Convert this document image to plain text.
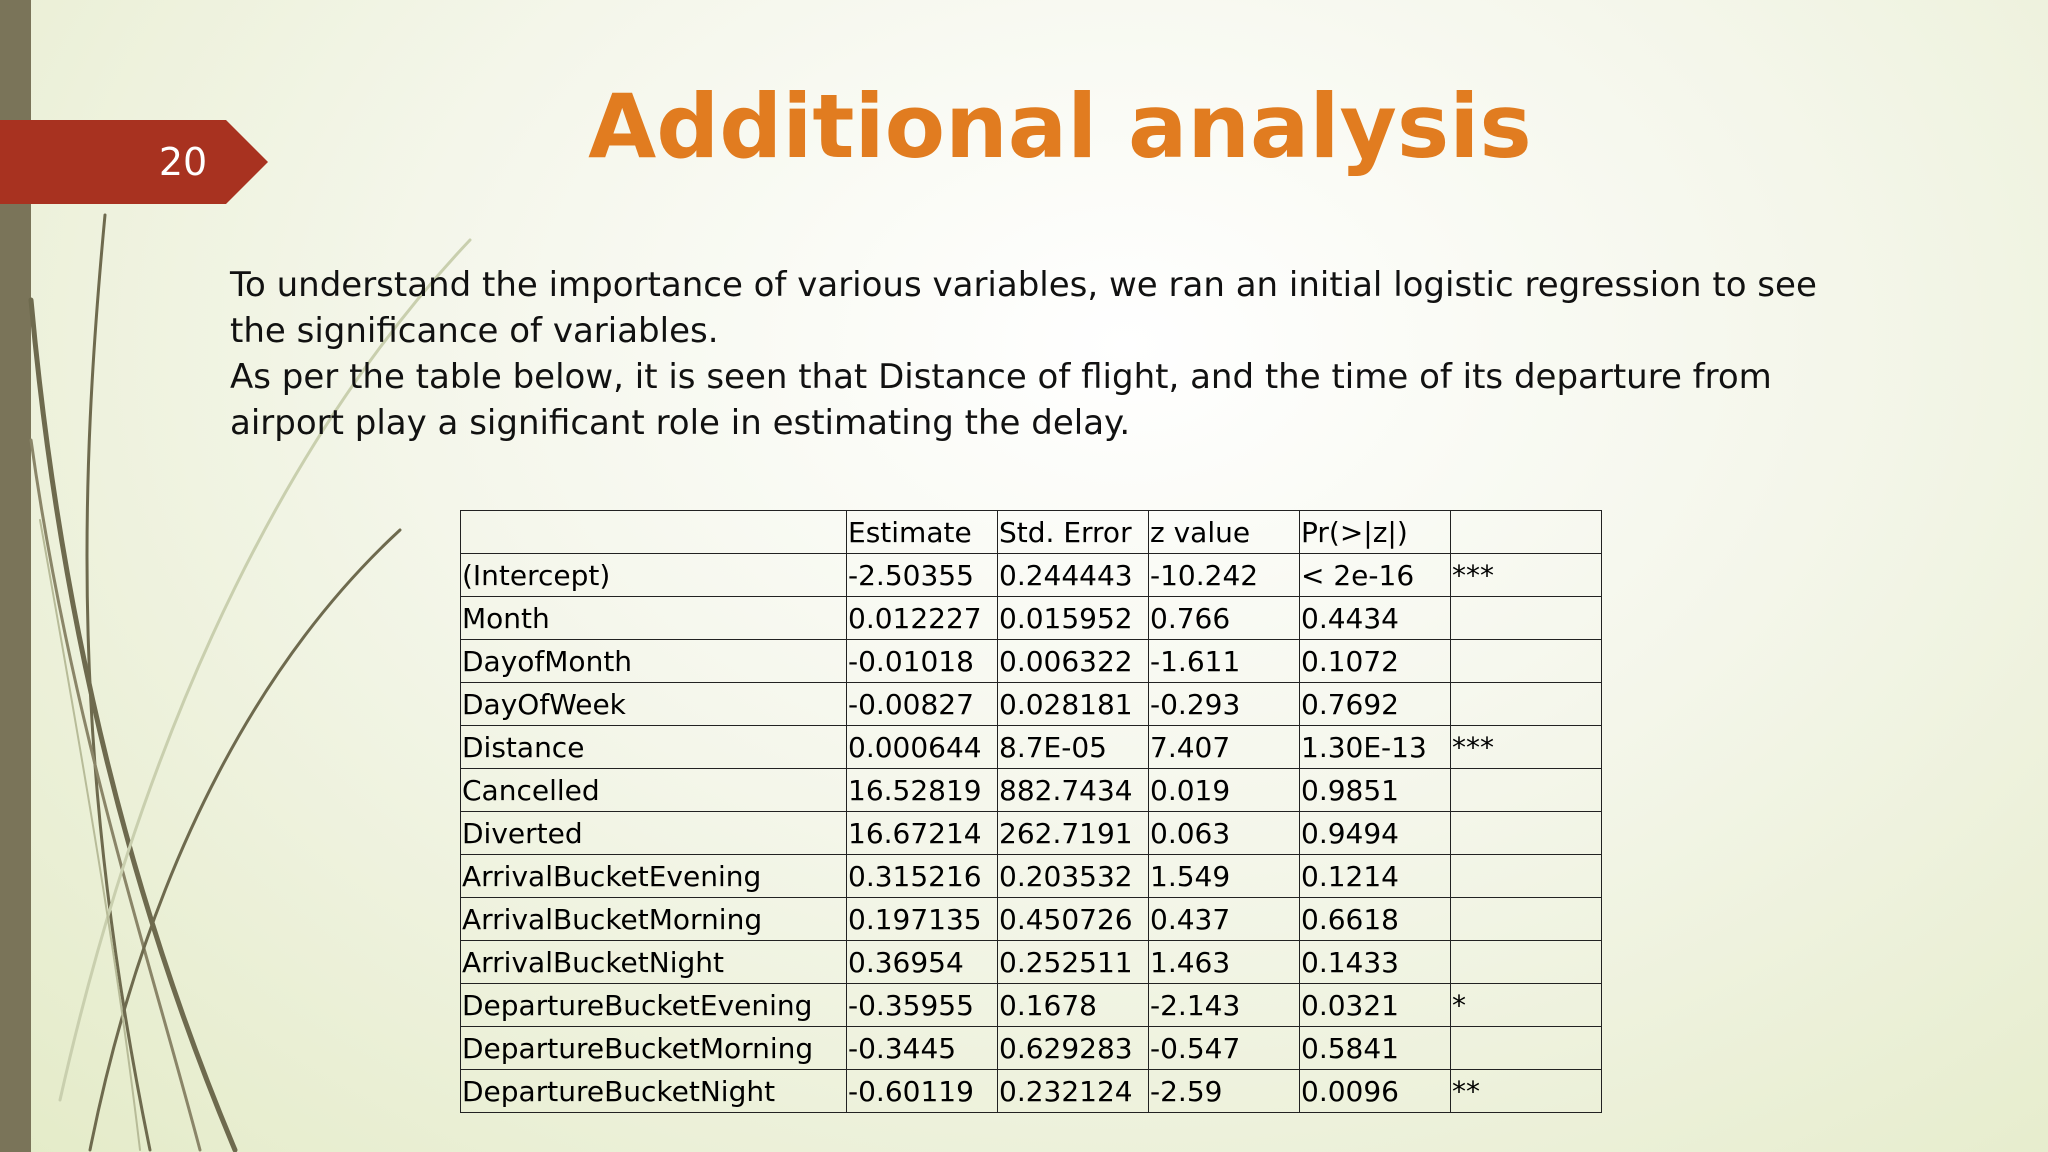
20	Additional analysis

To understand the importance of various variables, we ran an initial logistic regression to see the significance of variables.

As per the table below, it is seen that Distance of flight, and the time of its departure from airport play a significant role in estimating the delay.

	Estimate	Std. Error	z value	Pr(>|z|)	
(Intercept)	-2.50355	0.244443	-10.242	< 2e-16	***
Month	0.012227	0.015952	0.766	0.4434	
DayofMonth	-0.01018	0.006322	-1.611	0.1072	
DayOfWeek	-0.00827	0.028181	-0.293	0.7692	
Distance	0.000644	8.7E-05	7.407	1.30E-13	***
Cancelled	16.52819	882.7434	0.019	0.9851	
Diverted	16.67214	262.7191	0.063	0.9494	
ArrivalBucketEvening	0.315216	0.203532	1.549	0.1214	
ArrivalBucketMorning	0.197135	0.450726	0.437	0.6618	
ArrivalBucketNight	0.36954	0.252511	1.463	0.1433	
DepartureBucketEvening	-0.35955	0.1678	-2.143	0.0321	*
DepartureBucketMorning	-0.3445	0.629283	-0.547	0.5841	
DepartureBucketNight	-0.60119	0.232124	-2.59	0.0096	**
